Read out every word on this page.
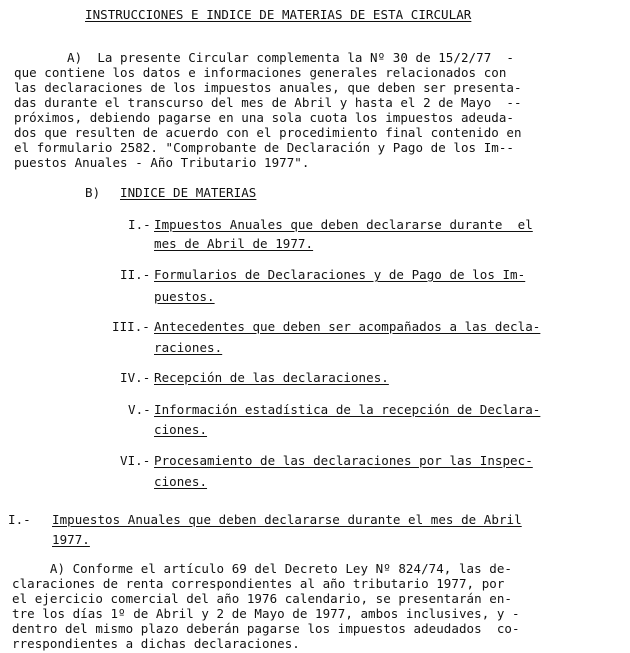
INSTRUCCIONES E INDICE DE MATERIAS DE ESTA CIRCULAR
A)  La presente Circular complementa la Nº 30 de 15/2/77  -
que contiene los datos e informaciones generales relacionados con
las declaraciones de los impuestos anuales, que deben ser presenta-
das durante el transcurso del mes de Abril y hasta el 2 de Mayo  --
próximos, debiendo pagarse en una sola cuota los impuestos adeuda-
dos que resulten de acuerdo con el procedimiento final contenido en
el formulario 2582. "Comprobante de Declaración y Pago de los Im--
puestos Anuales - Año Tributario 1977".
B) INDICE DE MATERIAS
I.- Impuestos Anuales que deben declararse durante  el
mes de Abril de 1977.
II.- Formularios de Declaraciones y de Pago de los Im-
puestos.
III.- Antecedentes que deben ser acompañados a las decla-
raciones.
IV.- Recepción de las declaraciones.
V.- Información estadística de la recepción de Declara-
ciones.
VI.- Procesamiento de las declaraciones por las Inspec-
ciones.
I.- Impuestos Anuales que deben declararse durante el mes de Abril
1977.
A) Conforme el artículo 69 del Decreto Ley Nº 824/74, las de-
claraciones de renta correspondientes al año tributario 1977, por
el ejercicio comercial del año 1976 calendario, se presentarán en-
tre los días 1º de Abril y 2 de Mayo de 1977, ambos inclusives, y -
dentro del mismo plazo deberán pagarse los impuestos adeudados  co-
rrespondientes a dichas declaraciones.
